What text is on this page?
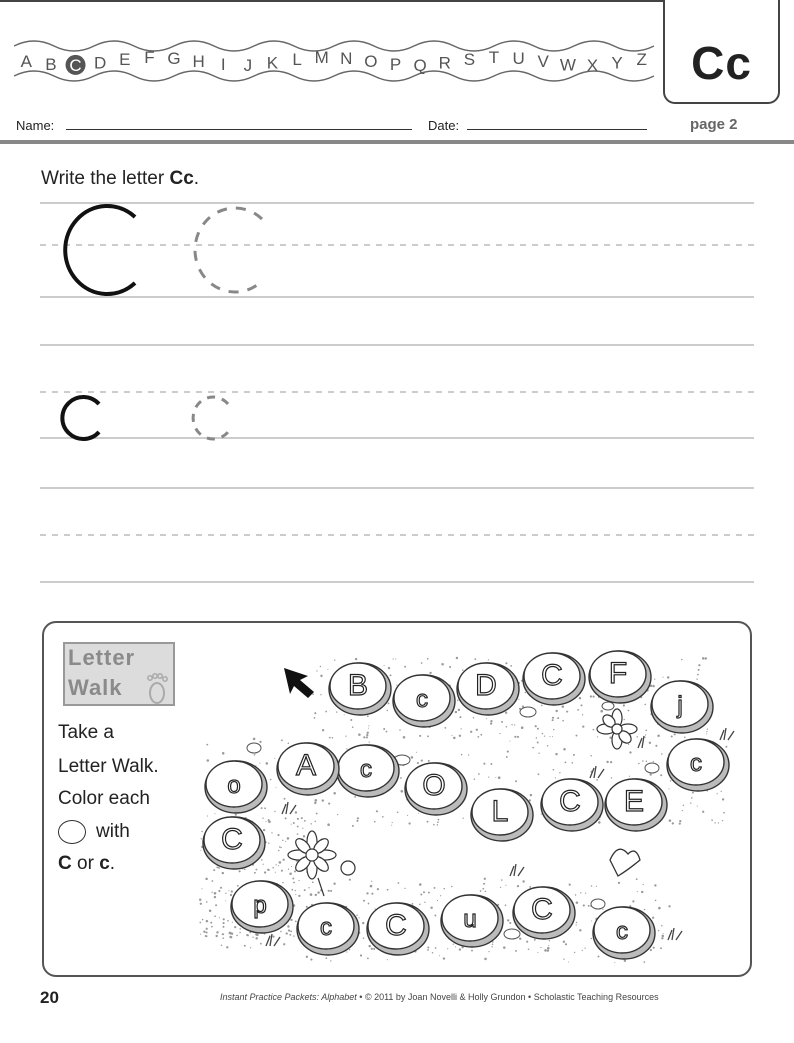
A B C D E F G H I J K L M N O P Q R S T U V W X Y Z Cc
Name:	Date:	page 2
Write the letter Cc.
Letter
Walk
Take a
Letter Walk.
Color each
with
C or c.
B c D C F
j
c
E
C
L
O
c
A
o
C
p
c C u C
c
20	Instant Practice Packets: Alphabet • © 2011 by Joan Novelli & Holly Grundon • Scholastic Teaching Resources
